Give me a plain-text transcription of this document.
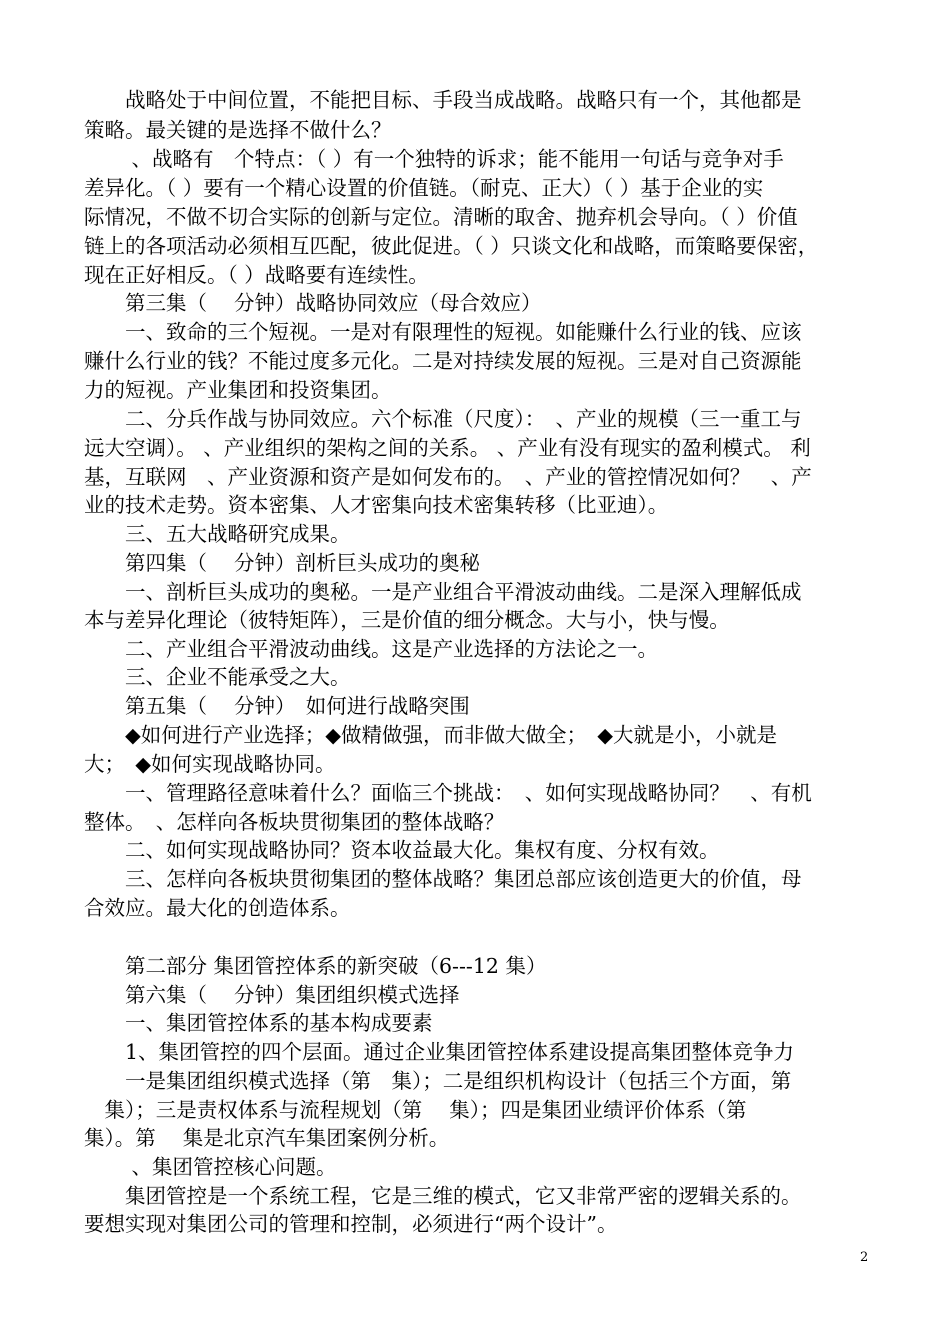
　　战略处于中间位置，不能把目标、手段当成战略。战略只有一个，其他都是
策略。最关键的是选择不做什么？
　　 、战略有　个特点：（ ）有一个独特的诉求；能不能用一句话与竞争对手
差异化。（ ）要有一个精心设置的价值链。（耐克、正大）（ ）基于企业的实
际情况，不做不切合实际的创新与定位。清晰的取舍、抛弃机会导向。（ ）价值
链上的各项活动必须相互匹配，彼此促进。（ ）只谈文化和战略，而策略要保密，
现在正好相反。（ ）战略要有连续性。
　　第三集（　 分钟）战略协同效应（母合效应）
　　一、致命的三个短视。一是对有限理性的短视。如能赚什么行业的钱、应该
赚什么行业的钱？不能过度多元化。二是对持续发展的短视。三是对自己资源能
力的短视。产业集团和投资集团。
　　二、分兵作战与协同效应。六个标准（尺度）：　、产业的规模（三一重工与
远大空调）。 、产业组织的架构之间的关系。 、产业有没有现实的盈利模式。 利
基，互联网　、产业资源和资产是如何发布的。　、产业的管控情况如何？　、产
业的技术走势。资本密集、人才密集向技术密集转移（比亚迪）。
　　三、五大战略研究成果。
　　第四集（　 分钟）剖析巨头成功的奥秘
　　一、剖析巨头成功的奥秘。一是产业组合平滑波动曲线。二是深入理解低成
本与差异化理论（彼特矩阵），三是价值的细分概念。大与小，快与慢。
　　二、产业组合平滑波动曲线。这是产业选择的方法论之一。
　　三、企业不能承受之大。
　　第五集（　 分钟）　如何进行战略突围
　　◆如何进行产业选择；◆做精做强，而非做大做全；　◆大就是小，小就是
大；　◆如何实现战略协同。
　　一、管理路径意味着什么？面临三个挑战：　、如何实现战略协同？　、有机
整体。　、怎样向各板块贯彻集团的整体战略？
　　二、如何实现战略协同？资本收益最大化。集权有度、分权有效。
　　三、怎样向各板块贯彻集团的整体战略？集团总部应该创造更大的价值，母
合效应。最大化的创造体系。
　　第二部分 集团管控体系的新突破（6---12 集）
　　第六集（　 分钟）集团组织模式选择
　　一、集团管控体系的基本构成要素
　　1、集团管控的四个层面。通过企业集团管控体系建设提高集团整体竞争力
　　一是集团组织模式选择（第　集）；二是组织机构设计（包括三个方面，第
　集）；三是责权体系与流程规划（第　 集）；四是集团业绩评价体系（第
集）。第　 集是北京汽车集团案例分析。
　　 、集团管控核心问题。
　　集团管控是一个系统工程，它是三维的模式，它又非常严密的逻辑关系的。
要想实现对集团公司的管理和控制，必须进行“两个设计”。
2
